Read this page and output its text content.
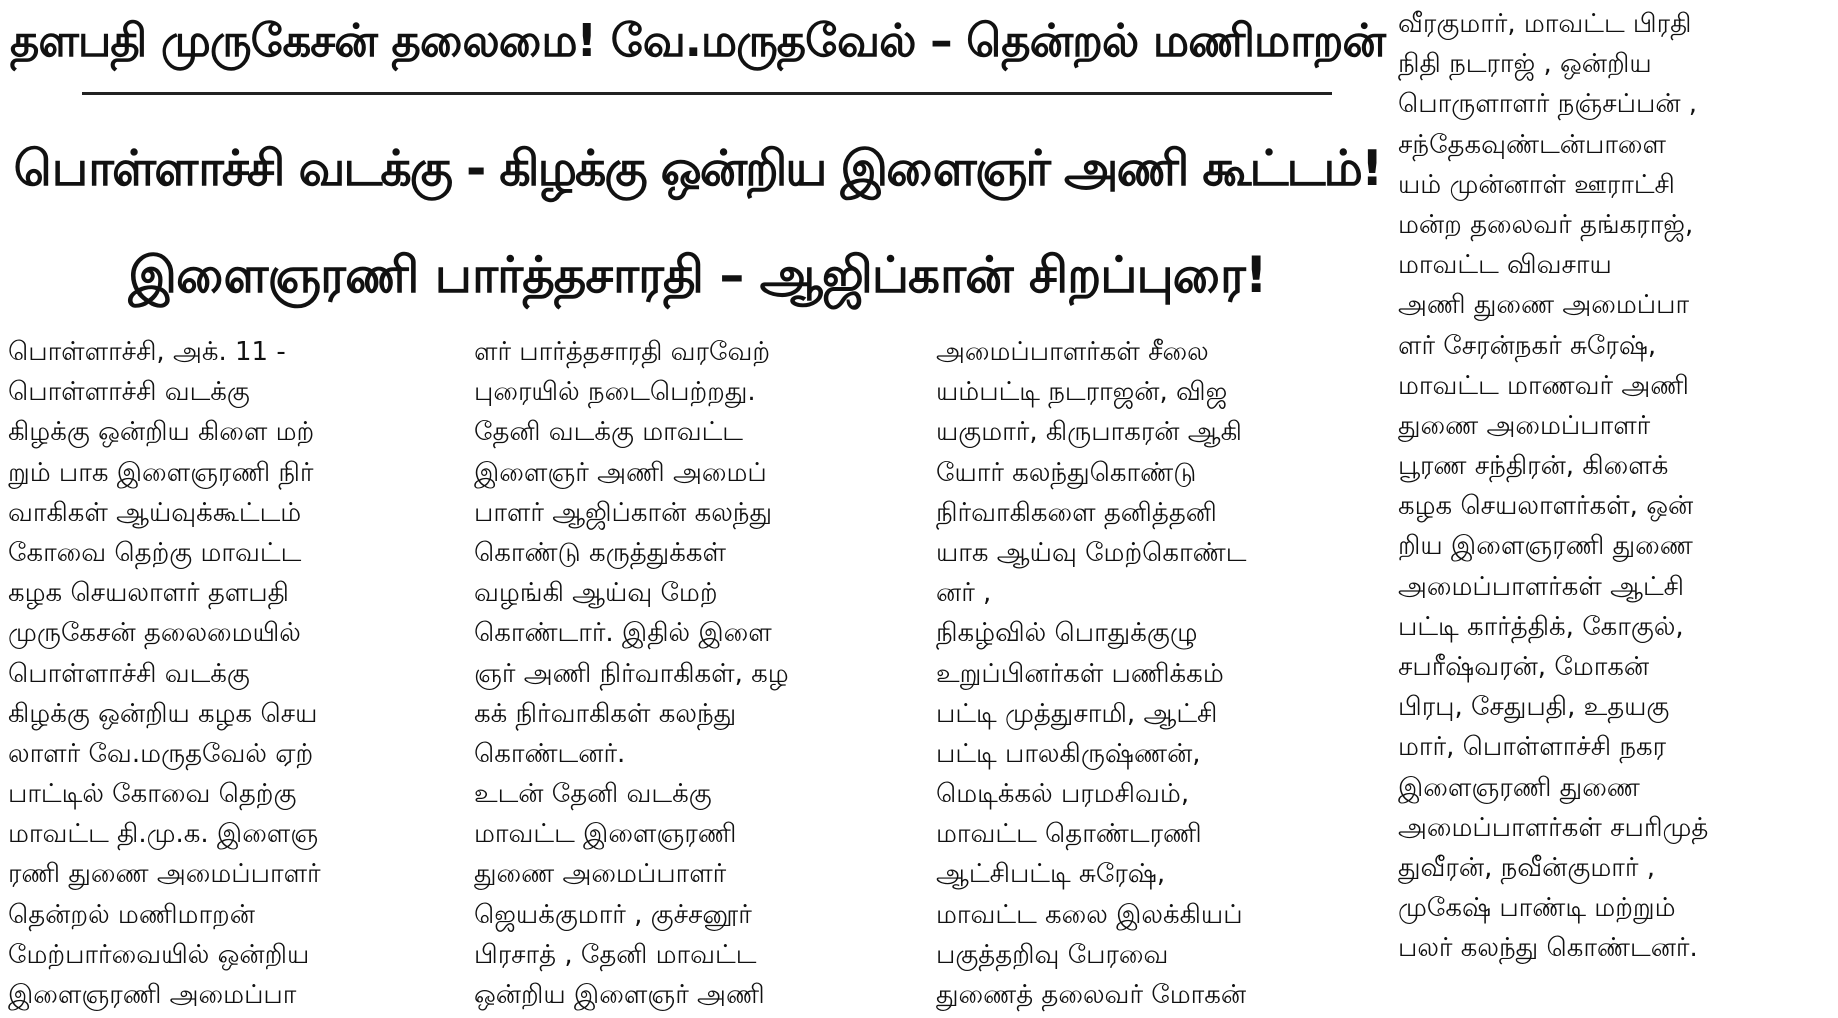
தளபதி முருகேசன் தலைமை! வே.மருதவேல் – தென்றல் மணிமாறன்
பொள்ளாச்சி வடக்கு - கிழக்கு ஒன்றிய இளைஞர் அணி கூட்டம்!
இளைஞரணி பார்த்தசாரதி – ஆஜிப்கான் சிறப்புரை!
பொள்ளாச்சி, அக். 11 -
பொள்ளாச்சி வடக்கு
கிழக்கு ஒன்றிய கிளை மற்
றும் பாக இளைஞரணி நிர்
வாகிகள் ஆய்வுக்கூட்டம்
கோவை தெற்கு மாவட்ட
கழக செயலாளர் தளபதி
முருகேசன் தலைமையில்
பொள்ளாச்சி வடக்கு
கிழக்கு ஒன்றிய கழக செய
லாளர் வே.மருதவேல் ஏற்
பாட்டில் கோவை தெற்கு
மாவட்ட தி.மு.க. இளைஞ
ரணி துணை அமைப்பாளர்
தென்றல் மணிமாறன்
மேற்பார்வையில் ஒன்றிய
இளைஞரணி அமைப்பா
ளர் பார்த்தசாரதி வரவேற்
புரையில் நடைபெற்றது.
தேனி வடக்கு மாவட்ட
இளைஞர் அணி அமைப்
பாளர் ஆஜிப்கான் கலந்து
கொண்டு கருத்துக்கள்
வழங்கி ஆய்வு மேற்
கொண்டார். இதில் இளை
ஞர் அணி நிர்வாகிகள், கழ
கக் நிர்வாகிகள் கலந்து
கொண்டனர்.
உடன் தேனி வடக்கு
மாவட்ட இளைஞரணி
துணை அமைப்பாளர்
ஜெயக்குமார் , குச்சனூர்
பிரசாத் , தேனி மாவட்ட
ஒன்றிய இளைஞர் அணி
அமைப்பாளர்கள் சீலை
யம்பட்டி நடராஜன், விஜ
யகுமார், கிருபாகரன் ஆகி
யோர் கலந்துகொண்டு
நிர்வாகிகளை தனித்தனி
யாக ஆய்வு மேற்கொண்ட
னர் ,
நிகழ்வில் பொதுக்குழு
உறுப்பினர்கள் பணிக்கம்
பட்டி முத்துசாமி, ஆட்சி
பட்டி பாலகிருஷ்ணன்,
மெடிக்கல் பரமசிவம்,
மாவட்ட தொண்டரணி
ஆட்சிபட்டி சுரேஷ்,
மாவட்ட கலை இலக்கியப்
பகுத்தறிவு பேரவை
துணைத் தலைவர் மோகன்
வீரகுமார், மாவட்ட பிரதி
நிதி நடராஜ் , ஒன்றிய
பொருளாளர் நஞ்சப்பன் ,
சந்தேகவுண்டன்பாளை
யம் முன்னாள் ஊராட்சி
மன்ற தலைவர் தங்கராஜ்,
மாவட்ட விவசாய
அணி துணை அமைப்பா
ளர் சேரன்நகர் சுரேஷ்,
மாவட்ட மாணவர் அணி
துணை அமைப்பாளர்
பூரண சந்திரன், கிளைக்
கழக செயலாளர்கள், ஒன்
றிய இளைஞரணி துணை
அமைப்பாளர்கள் ஆட்சி
பட்டி கார்த்திக், கோகுல்,
சபரீஷ்வரன், மோகன்
பிரபு, சேதுபதி, உதயகு
மார், பொள்ளாச்சி நகர
இளைஞரணி துணை
அமைப்பாளர்கள் சபரிமுத்
துவீரன், நவீன்குமார் ,
முகேஷ் பாண்டி மற்றும்
பலர் கலந்து கொண்டனர்.
